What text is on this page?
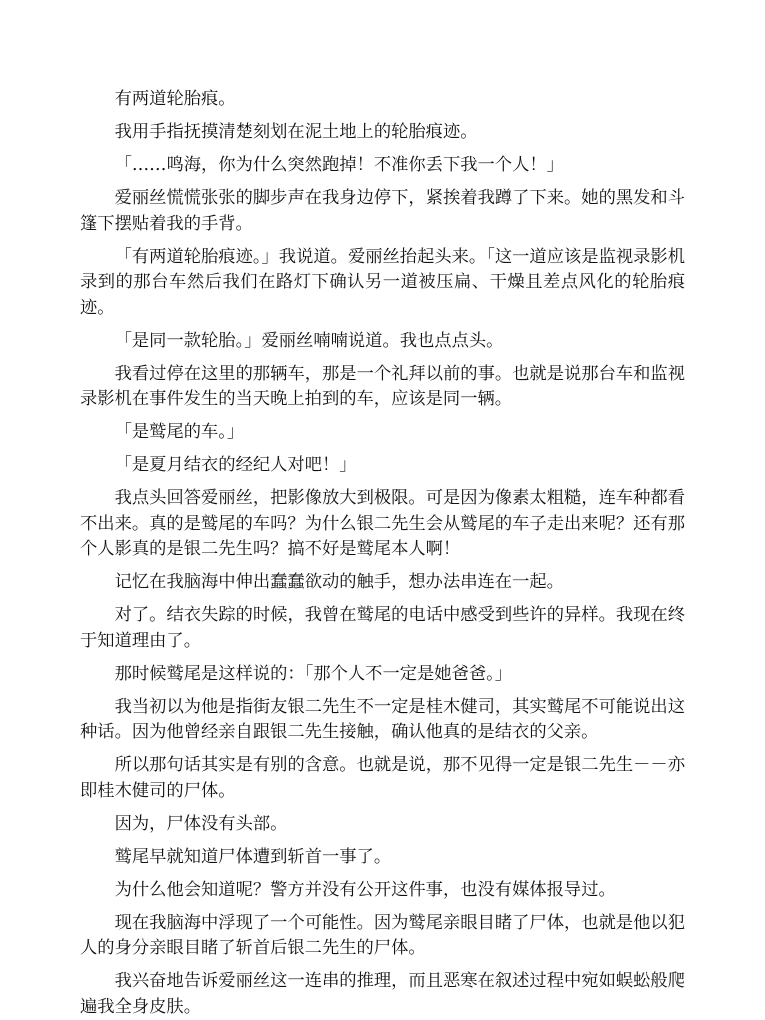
有两道轮胎痕。

我用手指抚摸清楚刻划在泥土地上的轮胎痕迹。

「……鸣海，你为什么突然跑掉！不准你丢下我一个人！」

爱丽丝慌慌张张的脚步声在我身边停下，紧挨着我蹲了下来。她的黑发和斗篷下摆贴着我的手背。

「有两道轮胎痕迹。」我说道。爱丽丝抬起头来。「这一道应该是监视录影机录到的那台车然后我们在路灯下确认另一道被压扁、干燥且差点风化的轮胎痕迹。

「是同一款轮胎。」爱丽丝喃喃说道。我也点点头。

我看过停在这里的那辆车，那是一个礼拜以前的事。也就是说那台车和监视录影机在事件发生的当天晚上拍到的车，应该是同一辆。

「是鹫尾的车。」

「是夏月结衣的经纪人对吧！」

我点头回答爱丽丝，把影像放大到极限。可是因为像素太粗糙，连车种都看不出来。真的是鹫尾的车吗？为什么银二先生会从鹫尾的车子走出来呢？还有那个人影真的是银二先生吗？搞不好是鹫尾本人啊！

记忆在我脑海中伸出蠢蠢欲动的触手，想办法串连在一起。

对了。结衣失踪的时候，我曾在鹫尾的电话中感受到些许的异样。我现在终于知道理由了。

那时候鹫尾是这样说的：「那个人不一定是她爸爸。」

我当初以为他是指街友银二先生不一定是桂木健司，其实鹫尾不可能说出这种话。因为他曾经亲自跟银二先生接触，确认他真的是结衣的父亲。

所以那句话其实是有别的含意。也就是说，那不见得一定是银二先生－－亦即桂木健司的尸体。

因为，尸体没有头部。

鹫尾早就知道尸体遭到斩首一事了。

为什么他会知道呢？警方并没有公开这件事，也没有媒体报导过。

现在我脑海中浮现了一个可能性。因为鹫尾亲眼目睹了尸体，也就是他以犯人的身分亲眼目睹了斩首后银二先生的尸体。

我兴奋地告诉爱丽丝这一连串的推理，而且恶寒在叙述过程中宛如蜈蚣般爬遍我全身皮肤。
